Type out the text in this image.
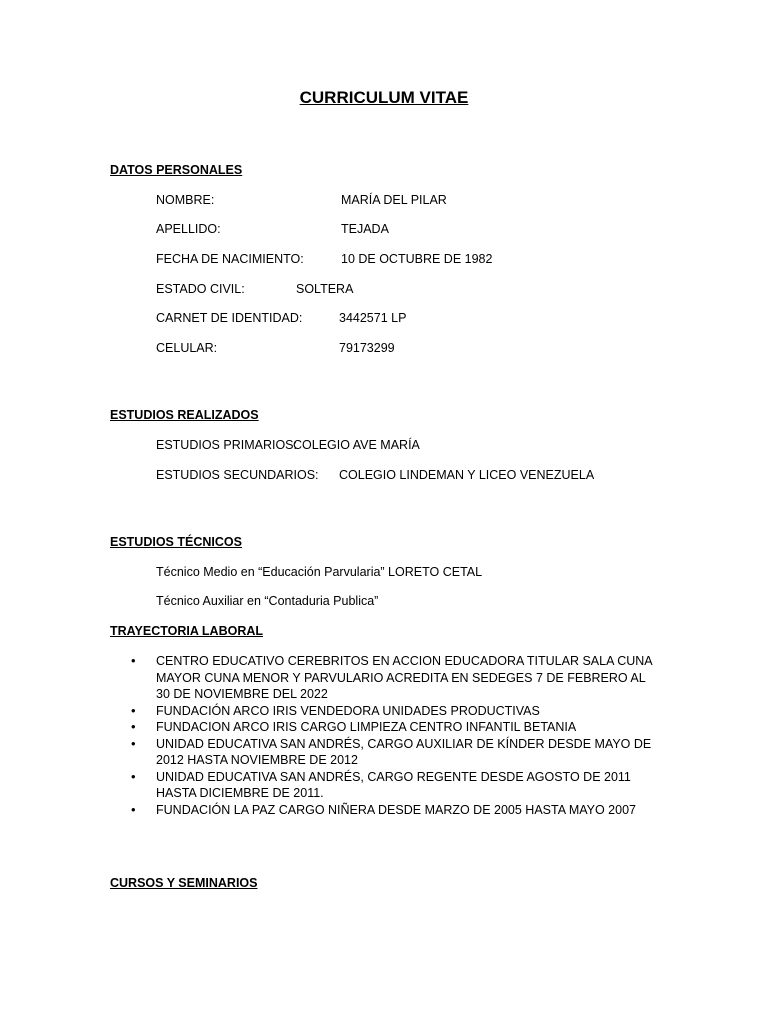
CURRICULUM VITAE
DATOS PERSONALES
NOMBRE:	MARÍA DEL PILAR
APELLIDO:	TEJADA
FECHA DE NACIMIENTO:	10 DE OCTUBRE DE 1982
ESTADO CIVIL:	SOLTERA
CARNET DE IDENTIDAD:	3442571 LP
CELULAR:	79173299
ESTUDIOS REALIZADOS
ESTUDIOS PRIMARIOS:
COLEGIO AVE MARÍA
ESTUDIOS SECUNDARIOS: COLEGIO LINDEMAN Y LICEO VENEZUELA
ESTUDIOS TÉCNICOS
Técnico Medio en “Educación Parvularia” LORETO CETAL
Técnico Auxiliar en “Contaduria Publica”
TRAYECTORIA LABORAL
• CENTRO EDUCATIVO CEREBRITOS EN ACCION EDUCADORA TITULAR SALA CUNA MAYOR CUNA MENOR Y PARVULARIO ACREDITA EN SEDEGES 7 DE FEBRERO AL 30 DE NOVIEMBRE DEL 2022
• FUNDACIÓN ARCO IRIS VENDEDORA UNIDADES PRODUCTIVAS
• FUNDACION ARCO IRIS CARGO LIMPIEZA CENTRO INFANTIL BETANIA
• UNIDAD EDUCATIVA SAN ANDRÉS, CARGO AUXILIAR DE KÍNDER DESDE MAYO DE 2012 HASTA NOVIEMBRE DE 2012
• UNIDAD EDUCATIVA SAN ANDRÉS, CARGO REGENTE DESDE AGOSTO DE 2011 HASTA DICIEMBRE DE 2011.
• FUNDACIÓN LA PAZ CARGO NIÑERA DESDE MARZO DE 2005 HASTA MAYO 2007
CURSOS Y SEMINARIOS
